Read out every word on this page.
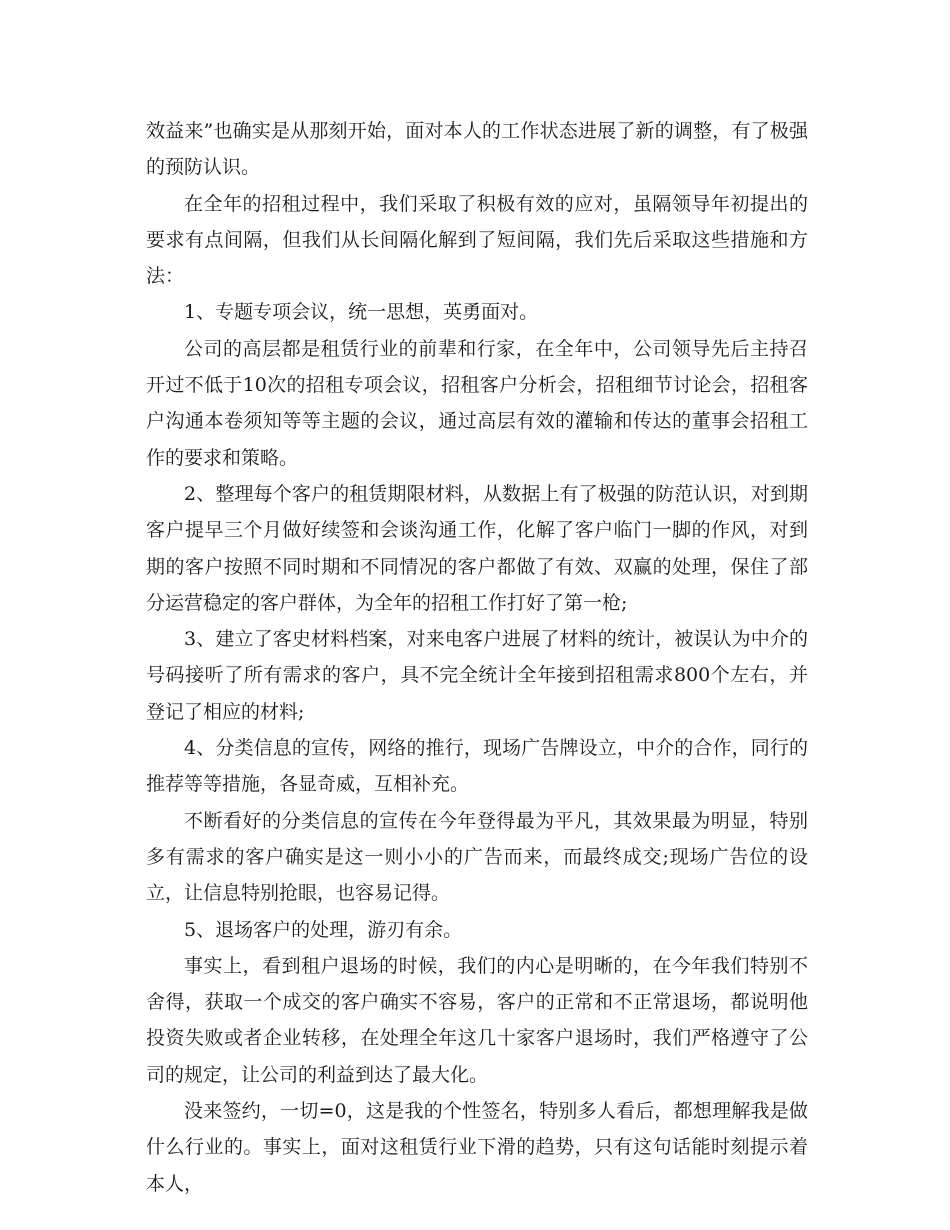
效益来”也确实是从那刻开始，面对本人的工作状态进展了新的调整，有了极强的预防认识。

在全年的招租过程中，我们采取了积极有效的应对，虽隔领导年初提出的要求有点间隔，但我们从长间隔化解到了短间隔，我们先后采取这些措施和方法：

1、专题专项会议，统一思想，英勇面对。

公司的高层都是租赁行业的前辈和行家，在全年中，公司领导先后主持召开过不低于10次的招租专项会议，招租客户分析会，招租细节讨论会，招租客户沟通本卷须知等等主题的会议，通过高层有效的灌输和传达的董事会招租工作的要求和策略。

2、整理每个客户的租赁期限材料，从数据上有了极强的防范认识，对到期客户提早三个月做好续签和会谈沟通工作，化解了客户临门一脚的作风，对到期的客户按照不同时期和不同情况的客户都做了有效、双赢的处理，保住了部分运营稳定的客户群体，为全年的招租工作打好了第一枪;

3、建立了客史材料档案，对来电客户进展了材料的统计，被误认为中介的号码接听了所有需求的客户，具不完全统计全年接到招租需求800个左右，并登记了相应的材料;

4、分类信息的宣传，网络的推行，现场广告牌设立，中介的合作，同行的推荐等等措施，各显奇威，互相补充。

不断看好的分类信息的宣传在今年登得最为平凡，其效果最为明显，特别多有需求的客户确实是这一则小小的广告而来，而最终成交;现场广告位的设立，让信息特别抢眼，也容易记得。

5、退场客户的处理，游刃有余。

事实上，看到租户退场的时候，我们的内心是明晰的，在今年我们特别不舍得，获取一个成交的客户确实不容易，客户的正常和不正常退场，都说明他投资失败或者企业转移，在处理全年这几十家客户退场时，我们严格遵守了公司的规定，让公司的利益到达了最大化。

没来签约，一切=0，这是我的个性签名，特别多人看后，都想理解我是做什么行业的。事实上，面对这租赁行业下滑的趋势，只有这句话能时刻提示着本人，
